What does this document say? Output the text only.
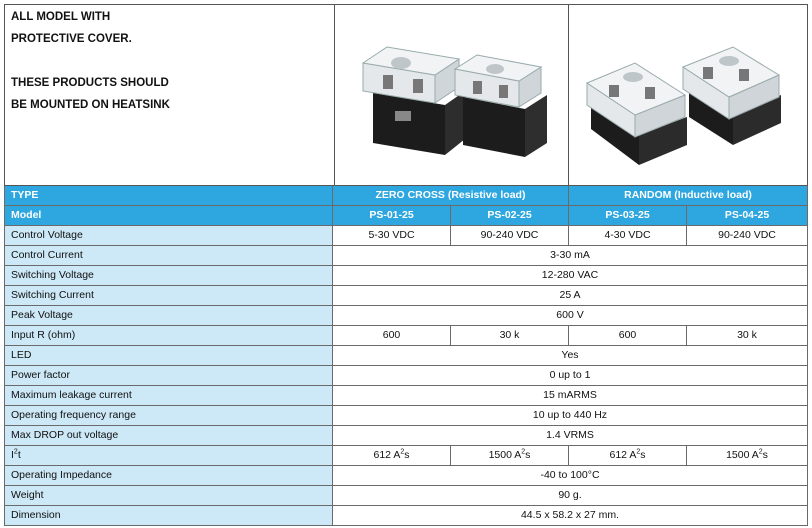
ALL MODEL WITH
PROTECTIVE COVER.
THESE PRODUCTS SHOULD
BE MOUNTED ON HEATSINK
TYPE	ZERO CROSS (Resistive load)	RANDOM (Inductive load)
Model	PS-01-25	PS-02-25	PS-03-25	PS-04-25
Control Voltage	5-30 VDC	90-240 VDC	4-30 VDC	90-240 VDC
Control Current	3-30 mA
Switching Voltage	12-280 VAC
Switching Current	25 A
Peak Voltage	600 V
Input R (ohm)	600	30 k	600	30 k
LED	Yes
Power factor	0 up to 1
Maximum leakage current	15 mARMS
Operating frequency range	10 up to 440 Hz
Max DROP out voltage	1.4 VRMS
$I^2t$	612 $A^2s$	1500 $A^2s$	612 $A^2s$	1500 $A^2s$
Operating Impedance	-40 to 100°C
Weight	90 g.
Dimension	44.5 x 58.2 x 27 mm.
